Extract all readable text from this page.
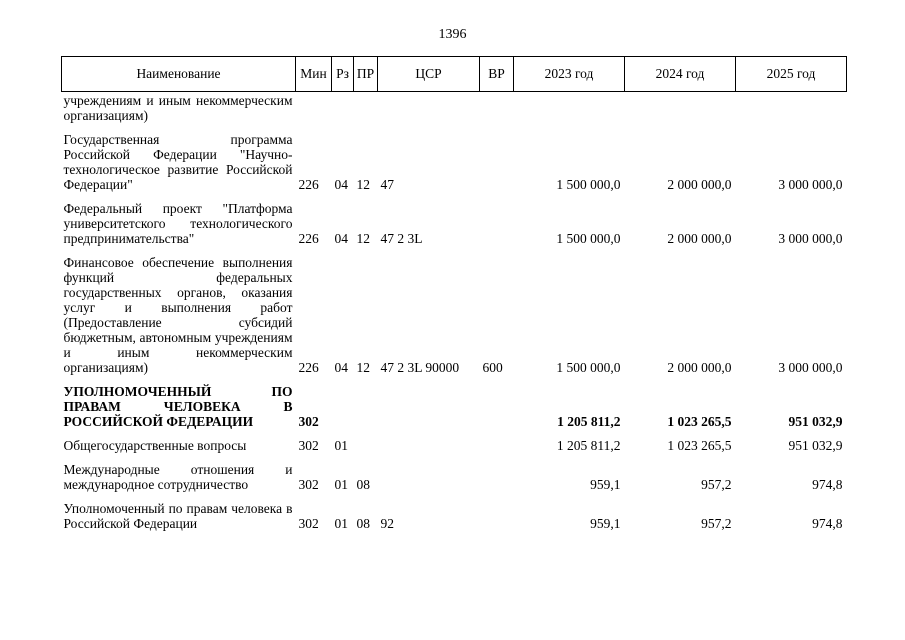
1396
Наименование	Мин	Рз	ПР	ЦСР	ВР	2023 год	2024 год	2025 год
учреждениям и иным некоммерческим организациям)								
Государственная программа Российской Федерации "Научно-технологическое развитие Российской Федерации"	226	04	12	47		1 500 000,0	2 000 000,0	3 000 000,0
Федеральный проект "Платформа университетского технологического предпринимательства"	226	04	12	47 2 3L		1 500 000,0	2 000 000,0	3 000 000,0
Финансовое обеспечение выполнения функций федеральных государственных органов, оказания услуг и выполнения работ (Предоставление субсидий бюджетным, автономным учреждениям и иным некоммерческим организациям)	226	04	12	47 2 3L 90000	600	1 500 000,0	2 000 000,0	3 000 000,0
УПОЛНОМОЧЕННЫЙ ПО ПРАВАМ ЧЕЛОВЕКА В РОССИЙСКОЙ ФЕДЕРАЦИИ	302					1 205 811,2	1 023 265,5	951 032,9
Общегосударственные вопросы	302	01				1 205 811,2	1 023 265,5	951 032,9
Международные отношения и международное сотрудничество	302	01	08			959,1	957,2	974,8
Уполномоченный по правам человека в Российской Федерации	302	01	08	92		959,1	957,2	974,8
